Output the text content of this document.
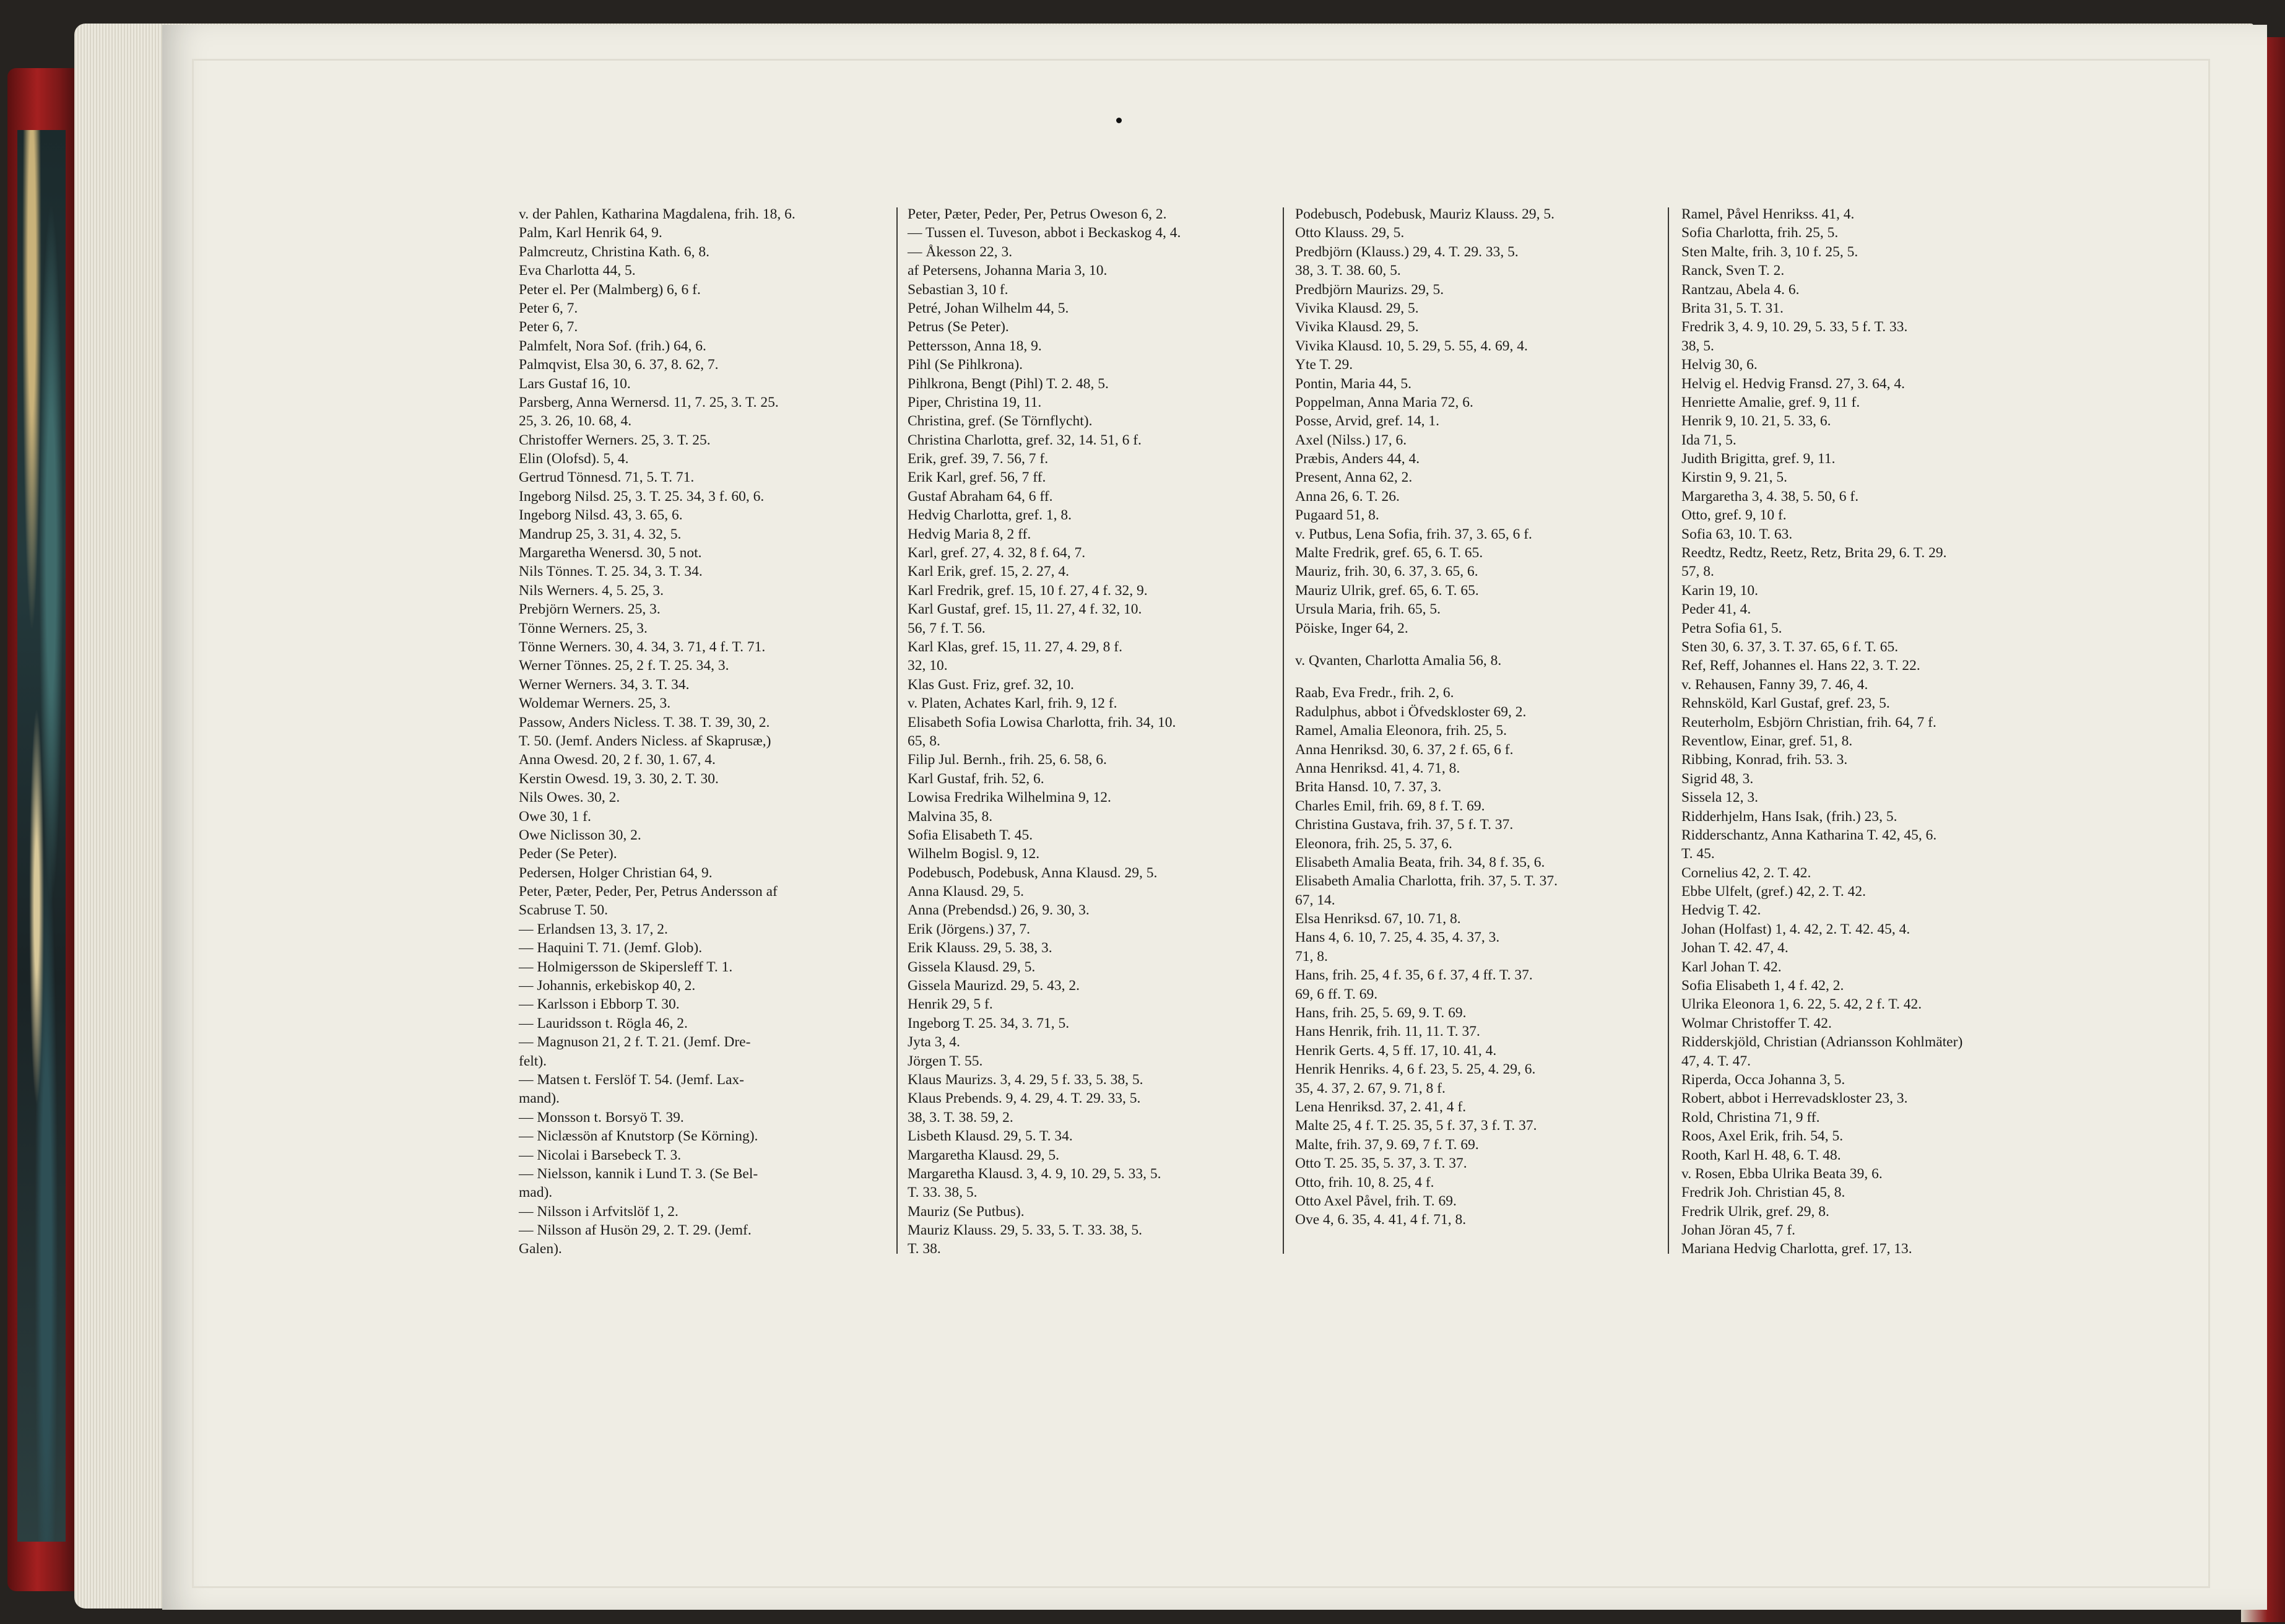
v. der Pahlen, Katharina Magdalena, frih. 18, 6.
Palm, Karl Henrik 64, 9.
Palmcreutz, Christina Kath. 6, 8.
Eva Charlotta 44, 5.
Peter el. Per (Malmberg) 6, 6 f.
Peter 6, 7.
Peter 6, 7.
Palmfelt, Nora Sof. (frih.) 64, 6.
Palmqvist, Elsa 30, 6. 37, 8. 62, 7.
Lars Gustaf 16, 10.
Parsberg, Anna Wernersd. 11, 7. 25, 3. T. 25.
25, 3. 26, 10. 68, 4.
Christoffer Werners. 25, 3. T. 25.
Elin (Olofsd). 5, 4.
Gertrud Tönnesd. 71, 5. T. 71.
Ingeborg Nilsd. 25, 3. T. 25. 34, 3 f. 60, 6.
Ingeborg Nilsd. 43, 3. 65, 6.
Mandrup 25, 3. 31, 4. 32, 5.
Margaretha Wenersd. 30, 5 not.
Nils Tönnes. T. 25. 34, 3. T. 34.
Nils Werners. 4, 5. 25, 3.
Prebjörn Werners. 25, 3.
Tönne Werners. 25, 3.
Tönne Werners. 30, 4. 34, 3. 71, 4 f. T. 71.
Werner Tönnes. 25, 2 f. T. 25. 34, 3.
Werner Werners. 34, 3. T. 34.
Woldemar Werners. 25, 3.
Passow, Anders Nicless. T. 38. T. 39, 30, 2.
T. 50. (Jemf. Anders Nicless. af Skaprusæ,)
Anna Owesd. 20, 2 f. 30, 1. 67, 4.
Kerstin Owesd. 19, 3. 30, 2. T. 30.
Nils Owes. 30, 2.
Owe 30, 1 f.
Owe Niclisson 30, 2.
Peder (Se Peter).
Pedersen, Holger Christian 64, 9.
Peter, Pæter, Peder, Per, Petrus Andersson af
Scabruse T. 50.
— Erlandsen 13, 3. 17, 2.
— Haquini T. 71. (Jemf. Glob).
— Holmigersson de Skipersleff T. 1.
— Johannis, erkebiskop 40, 2.
— Karlsson i Ebborp T. 30.
— Lauridsson t. Rögla 46, 2.
— Magnuson 21, 2 f. T. 21. (Jemf. Dre-
felt).
— Matsen t. Ferslöf T. 54. (Jemf. Lax-
mand).
— Monsson t. Borsyö T. 39.
— Niclæssön af Knutstorp (Se Körning).
— Nicolai i Barsebeck T. 3.
— Nielsson, kannik i Lund T. 3. (Se Bel-
mad).
— Nilsson i Arfvitslöf 1, 2.
— Nilsson af Husön 29, 2. T. 29. (Jemf.
Galen).
Peter, Pæter, Peder, Per, Petrus Oweson 6, 2.
— Tussen el. Tuveson, abbot i Beckaskog 4, 4.
— Åkesson 22, 3.
af Petersens, Johanna Maria 3, 10.
Sebastian 3, 10 f.
Petré, Johan Wilhelm 44, 5.
Petrus (Se Peter).
Pettersson, Anna 18, 9.
Pihl (Se Pihlkrona).
Pihlkrona, Bengt (Pihl) T. 2. 48, 5.
Piper, Christina 19, 11.
Christina, gref. (Se Törnflycht).
Christina Charlotta, gref. 32, 14. 51, 6 f.
Erik, gref. 39, 7. 56, 7 f.
Erik Karl, gref. 56, 7 ff.
Gustaf Abraham 64, 6 ff.
Hedvig Charlotta, gref. 1, 8.
Hedvig Maria 8, 2 ff.
Karl, gref. 27, 4. 32, 8 f. 64, 7.
Karl Erik, gref. 15, 2. 27, 4.
Karl Fredrik, gref. 15, 10 f. 27, 4 f. 32, 9.
Karl Gustaf, gref. 15, 11. 27, 4 f. 32, 10.
56, 7 f. T. 56.
Karl Klas, gref. 15, 11. 27, 4. 29, 8 f.
32, 10.
Klas Gust. Friz, gref. 32, 10.
v. Platen, Achates Karl, frih. 9, 12 f.
Elisabeth Sofia Lowisa Charlotta, frih. 34, 10.
65, 8.
Filip Jul. Bernh., frih. 25, 6. 58, 6.
Karl Gustaf, frih. 52, 6.
Lowisa Fredrika Wilhelmina 9, 12.
Malvina 35, 8.
Sofia Elisabeth T. 45.
Wilhelm Bogisl. 9, 12.
Podebusch, Podebusk, Anna Klausd. 29, 5.
Anna Klausd. 29, 5.
Anna (Prebendsd.) 26, 9. 30, 3.
Erik (Jörgens.) 37, 7.
Erik Klauss. 29, 5. 38, 3.
Gissela Klausd. 29, 5.
Gissela Maurizd. 29, 5. 43, 2.
Henrik 29, 5 f.
Ingeborg T. 25. 34, 3. 71, 5.
Jyta 3, 4.
Jörgen T. 55.
Klaus Maurizs. 3, 4. 29, 5 f. 33, 5. 38, 5.
Klaus Prebends. 9, 4. 29, 4. T. 29. 33, 5.
38, 3. T. 38. 59, 2.
Lisbeth Klausd. 29, 5. T. 34.
Margaretha Klausd. 29, 5.
Margaretha Klausd. 3, 4. 9, 10. 29, 5. 33, 5.
T. 33. 38, 5.
Mauriz (Se Putbus).
Mauriz Klauss. 29, 5. 33, 5. T. 33. 38, 5.
T. 38.
Podebusch, Podebusk, Mauriz Klauss. 29, 5.
Otto Klauss. 29, 5.
Predbjörn (Klauss.) 29, 4. T. 29. 33, 5.
38, 3. T. 38. 60, 5.
Predbjörn Maurizs. 29, 5.
Vivika Klausd. 29, 5.
Vivika Klausd. 29, 5.
Vivika Klausd. 10, 5. 29, 5. 55, 4. 69, 4.
Yte T. 29.
Pontin, Maria 44, 5.
Poppelman, Anna Maria 72, 6.
Posse, Arvid, gref. 14, 1.
Axel (Nilss.) 17, 6.
Præbis, Anders 44, 4.
Present, Anna 62, 2.
Anna 26, 6. T. 26.
Pugaard 51, 8.
v. Putbus, Lena Sofia, frih. 37, 3. 65, 6 f.
Malte Fredrik, gref. 65, 6. T. 65.
Mauriz, frih. 30, 6. 37, 3. 65, 6.
Mauriz Ulrik, gref. 65, 6. T. 65.
Ursula Maria, frih. 65, 5.
Pöiske, Inger 64, 2.
v. Qvanten, Charlotta Amalia 56, 8.
Raab, Eva Fredr., frih. 2, 6.
Radulphus, abbot i Öfvedskloster 69, 2.
Ramel, Amalia Eleonora, frih. 25, 5.
Anna Henriksd. 30, 6. 37, 2 f. 65, 6 f.
Anna Henriksd. 41, 4. 71, 8.
Brita Hansd. 10, 7. 37, 3.
Charles Emil, frih. 69, 8 f. T. 69.
Christina Gustava, frih. 37, 5 f. T. 37.
Eleonora, frih. 25, 5. 37, 6.
Elisabeth Amalia Beata, frih. 34, 8 f. 35, 6.
Elisabeth Amalia Charlotta, frih. 37, 5. T. 37.
67, 14.
Elsa Henriksd. 67, 10. 71, 8.
Hans 4, 6. 10, 7. 25, 4. 35, 4. 37, 3.
71, 8.
Hans, frih. 25, 4 f. 35, 6 f. 37, 4 ff. T. 37.
69, 6 ff. T. 69.
Hans, frih. 25, 5. 69, 9. T. 69.
Hans Henrik, frih. 11, 11. T. 37.
Henrik Gerts. 4, 5 ff. 17, 10. 41, 4.
Henrik Henriks. 4, 6 f. 23, 5. 25, 4. 29, 6.
35, 4. 37, 2. 67, 9. 71, 8 f.
Lena Henriksd. 37, 2. 41, 4 f.
Malte 25, 4 f. T. 25. 35, 5 f. 37, 3 f. T. 37.
Malte, frih. 37, 9. 69, 7 f. T. 69.
Otto T. 25. 35, 5. 37, 3. T. 37.
Otto, frih. 10, 8. 25, 4 f.
Otto Axel Påvel, frih. T. 69.
Ove 4, 6. 35, 4. 41, 4 f. 71, 8.
Ramel, Påvel Henrikss. 41, 4.
Sofia Charlotta, frih. 25, 5.
Sten Malte, frih. 3, 10 f. 25, 5.
Ranck, Sven T. 2.
Rantzau, Abela 4. 6.
Brita 31, 5. T. 31.
Fredrik 3, 4. 9, 10. 29, 5. 33, 5 f. T. 33.
38, 5.
Helvig 30, 6.
Helvig el. Hedvig Fransd. 27, 3. 64, 4.
Henriette Amalie, gref. 9, 11 f.
Henrik 9, 10. 21, 5. 33, 6.
Ida 71, 5.
Judith Brigitta, gref. 9, 11.
Kirstin 9, 9. 21, 5.
Margaretha 3, 4. 38, 5. 50, 6 f.
Otto, gref. 9, 10 f.
Sofia 63, 10. T. 63.
Reedtz, Redtz, Reetz, Retz, Brita 29, 6. T. 29.
57, 8.
Karin 19, 10.
Peder 41, 4.
Petra Sofia 61, 5.
Sten 30, 6. 37, 3. T. 37. 65, 6 f. T. 65.
Ref, Reff, Johannes el. Hans 22, 3. T. 22.
v. Rehausen, Fanny 39, 7. 46, 4.
Rehnsköld, Karl Gustaf, gref. 23, 5.
Reuterholm, Esbjörn Christian, frih. 64, 7 f.
Reventlow, Einar, gref. 51, 8.
Ribbing, Konrad, frih. 53. 3.
Sigrid 48, 3.
Sissela 12, 3.
Ridderhjelm, Hans Isak, (frih.) 23, 5.
Ridderschantz, Anna Katharina T. 42, 45, 6.
T. 45.
Cornelius 42, 2. T. 42.
Ebbe Ulfelt, (gref.) 42, 2. T. 42.
Hedvig T. 42.
Johan (Holfast) 1, 4. 42, 2. T. 42. 45, 4.
Johan T. 42. 47, 4.
Karl Johan T. 42.
Sofia Elisabeth 1, 4 f. 42, 2.
Ulrika Eleonora 1, 6. 22, 5. 42, 2 f. T. 42.
Wolmar Christoffer T. 42.
Ridderskjöld, Christian (Adriansson Kohlmäter)
47, 4. T. 47.
Riperda, Occa Johanna 3, 5.
Robert, abbot i Herrevadskloster 23, 3.
Rold, Christina 71, 9 ff.
Roos, Axel Erik, frih. 54, 5.
Rooth, Karl H. 48, 6. T. 48.
v. Rosen, Ebba Ulrika Beata 39, 6.
Fredrik Joh. Christian 45, 8.
Fredrik Ulrik, gref. 29, 8.
Johan Jöran 45, 7 f.
Mariana Hedvig Charlotta, gref. 17, 13.
